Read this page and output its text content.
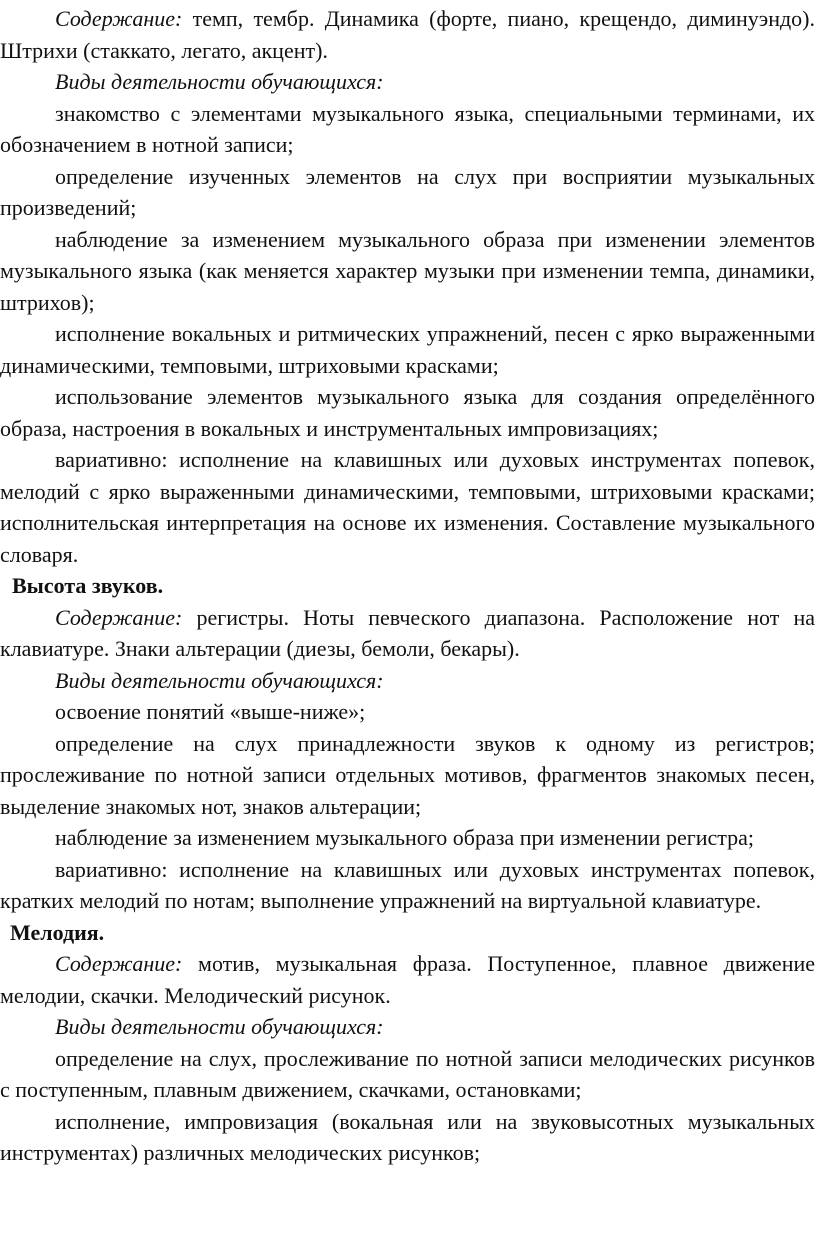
Содержание: темп, тембр. Динамика (форте, пиано, крещендо, диминуэндо). Штрихи (стаккато, легато, акцент).

Виды деятельности обучающихся:

знакомство с элементами музыкального языка, специальными терминами, их обозначением в нотной записи;

определение изученных элементов на слух при восприятии музыкальных произведений;

наблюдение за изменением музыкального образа при изменении элементов музыкального языка (как меняется характер музыки при изменении темпа, динамики, штрихов);

исполнение вокальных и ритмических упражнений, песен с ярко выраженными динамическими, темповыми, штриховыми красками;

использование элементов музыкального языка для создания определённого образа, настроения в вокальных и инструментальных импровизациях;

вариативно: исполнение на клавишных или духовых инструментах попевок, мелодий с ярко выраженными динамическими, темповыми, штриховыми красками; исполнительская интерпретация на основе их изменения. Составление музыкального словаря.

Высота звуков.

Содержание: регистры. Ноты певческого диапазона. Расположение нот на клавиатуре. Знаки альтерации (диезы, бемоли, бекары).

Виды деятельности обучающихся:

освоение понятий «выше-ниже»;

определение на слух принадлежности звуков к одному из регистров; прослеживание по нотной записи отдельных мотивов, фрагментов знакомых песен, выделение знакомых нот, знаков альтерации;

наблюдение за изменением музыкального образа при изменении регистра;

вариативно: исполнение на клавишных или духовых инструментах попевок, кратких мелодий по нотам; выполнение упражнений на виртуальной клавиатуре.

Мелодия.

Содержание: мотив, музыкальная фраза. Поступенное, плавное движение мелодии, скачки. Мелодический рисунок.

Виды деятельности обучающихся:

определение на слух, прослеживание по нотной записи мелодических рисунков с поступенным, плавным движением, скачками, остановками;

исполнение, импровизация (вокальная или на звуковысотных музыкальных инструментах) различных мелодических рисунков;
